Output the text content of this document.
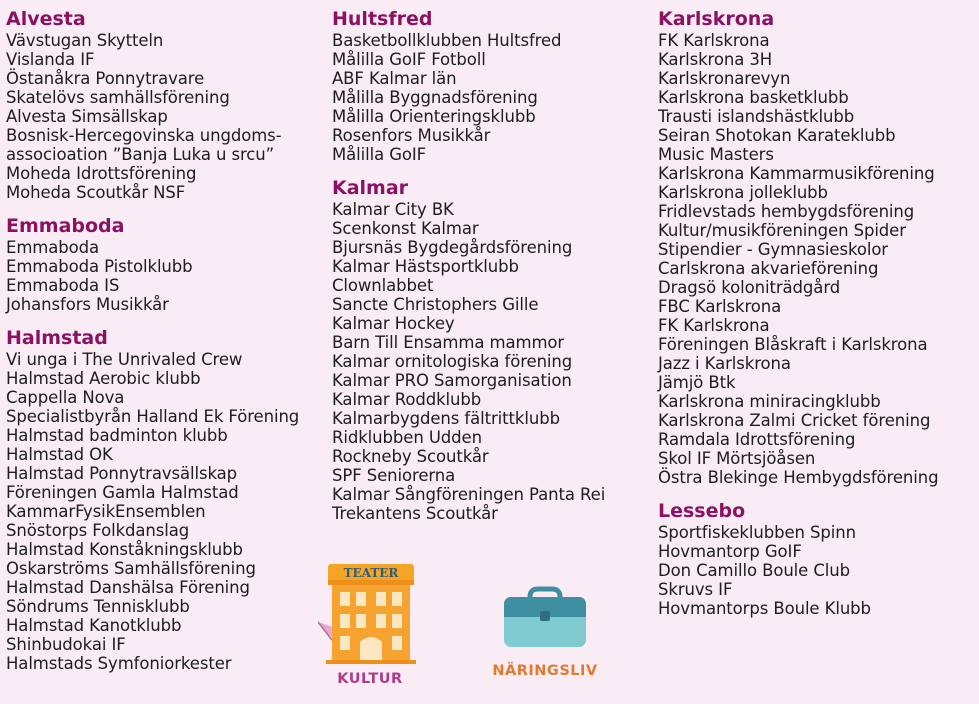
Alvesta
Vävstugan Skytteln
Vislanda IF
Östanåkra Ponnytravare
Skatelövs samhällsförening
Alvesta Simsällskap
Bosnisk-Hercegovinska ungdoms-
associoation ”Banja Luka u srcu”
Moheda Idrottsförening
Moheda Scoutkår NSF
Emmaboda
Emmaboda
Emmaboda Pistolklubb
Emmaboda IS
Johansfors Musikkår
Halmstad
Vi unga i The Unrivaled Crew
Halmstad Aerobic klubb
Cappella Nova
Specialistbyrån Halland Ek Förening
Halmstad badminton klubb
Halmstad OK
Halmstad Ponnytravsällskap
Föreningen Gamla Halmstad
KammarFysikEnsemblen
Snöstorps Folkdanslag
Halmstad Konståkningsklubb
Oskarströms Samhällsförening
Halmstad Danshälsa Förening
Söndrums Tennisklubb
Halmstad Kanotklubb
Shinbudokai IF
Halmstads Symfoniorkester
Hultsfred
Basketbollklubben Hultsfred
Målilla GoIF Fotboll
ABF Kalmar län
Målilla Byggnadsförening
Målilla Orienteringsklubb
Rosenfors Musikkår
Målilla GoIF
Kalmar
Kalmar City BK
Scenkonst Kalmar
Bjursnäs Bygdegårdsförening
Kalmar Hästsportklubb
Clownlabbet
Sancte Christophers Gille
Kalmar Hockey
Barn Till Ensamma mammor
Kalmar ornitologiska förening
Kalmar PRO Samorganisation
Kalmar Roddklubb
Kalmarbygdens fältrittklubb
Ridklubben Udden
Rockneby Scoutkår
SPF Seniorerna
Kalmar Sångföreningen Panta Rei
Trekantens Scoutkår
Karlskrona
FK Karlskrona
Karlskrona 3H
Karlskronarevyn
Karlskrona basketklubb
Trausti islandshästklubb
Seiran Shotokan Karateklubb
Music Masters
Karlskrona Kammarmusikförening
Karlskrona jolleklubb
Fridlevstads hembygdsförening
Kultur/musikföreningen Spider
Stipendier - Gymnasieskolor
Carlskrona akvarieförening
Dragsö koloniträdgård
FBC Karlskrona
FK Karlskrona
Föreningen Blåskraft i Karlskrona
Jazz i Karlskrona
Jämjö Btk
Karlskrona miniracingklubb
Karlskrona Zalmi Cricket förening
Ramdala Idrottsförening
Skol IF Mörtsjöåsen
Östra Blekinge Hembygdsförening
Lessebo
Sportfiskeklubben Spinn
Hovmantorp GoIF
Don Camillo Boule Club
Skruvs IF
Hovmantorps Boule Klubb
TEATER
KULTUR	NÄRINGSLIV
